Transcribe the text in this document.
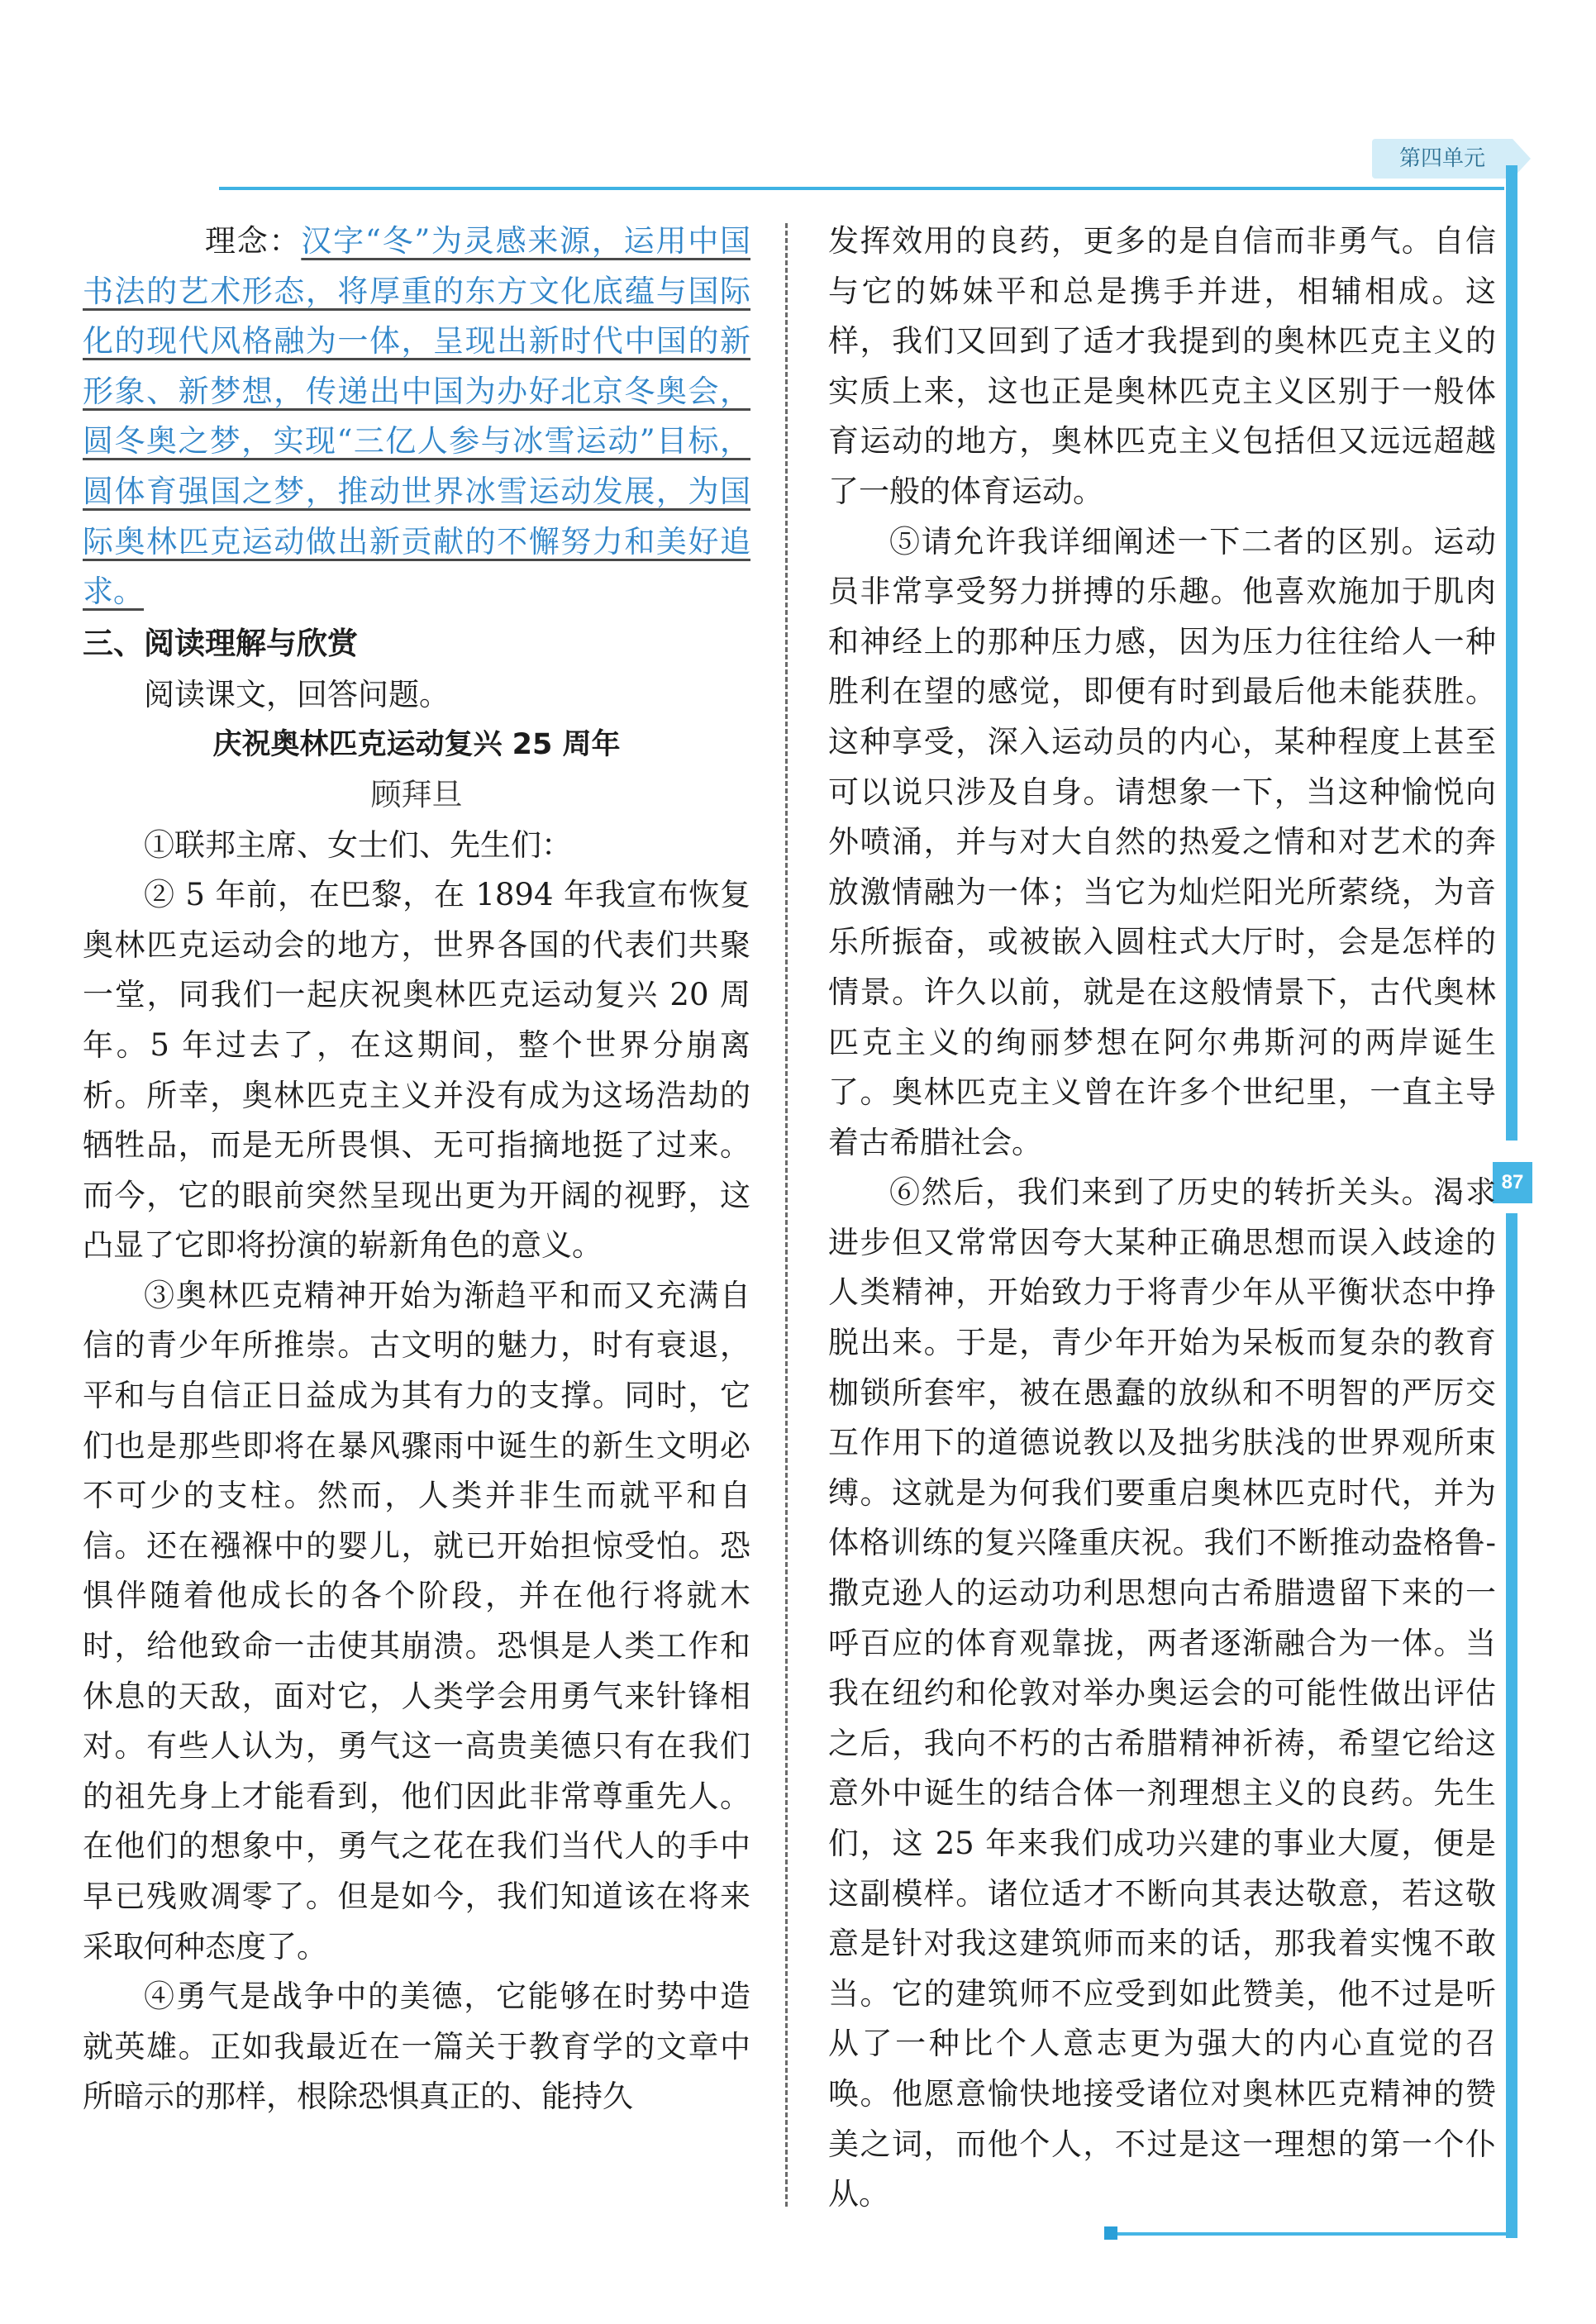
第四单元
87

理念：汉字“冬”为灵感来源，运用中国书法的艺术形态，将厚重的东方文化底蕴与国际化的现代风格融为一体，呈现出新时代中国的新形象、新梦想，传递出中国为办好北京冬奥会，圆冬奥之梦，实现“三亿人参与冰雪运动”目标，圆体育强国之梦，推动世界冰雪运动发展，为国际奥林匹克运动做出新贡献的不懈努力和美好追求。

三、阅读理解与欣赏

阅读课文，回答问题。

庆祝奥林匹克运动复兴 25 周年

顾拜旦

①联邦主席、女士们、先生们：

② 5 年前，在巴黎，在 1894 年我宣布恢复奥林匹克运动会的地方，世界各国的代表们共聚一堂，同我们一起庆祝奥林匹克运动复兴 20 周年。5 年过去了，在这期间，整个世界分崩离析。所幸，奥林匹克主义并没有成为这场浩劫的牺牲品，而是无所畏惧、无可指摘地挺了过来。而今，它的眼前突然呈现出更为开阔的视野，这凸显了它即将扮演的崭新角色的意义。

③奥林匹克精神开始为渐趋平和而又充满自信的青少年所推崇。古文明的魅力，时有衰退，平和与自信正日益成为其有力的支撑。同时，它们也是那些即将在暴风骤雨中诞生的新生文明必不可少的支柱。然而，人类并非生而就平和自信。还在襁褓中的婴儿，就已开始担惊受怕。恐惧伴随着他成长的各个阶段，并在他行将就木时，给他致命一击使其崩溃。恐惧是人类工作和休息的天敌，面对它，人类学会用勇气来针锋相对。有些人认为，勇气这一高贵美德只有在我们的祖先身上才能看到，他们因此非常尊重先人。在他们的想象中，勇气之花在我们当代人的手中早已残败凋零了。但是如今，我们知道该在将来采取何种态度了。

④勇气是战争中的美德，它能够在时势中造就英雄。正如我最近在一篇关于教育学的文章中所暗示的那样，根除恐惧真正的、能持久

发挥效用的良药，更多的是自信而非勇气。自信与它的姊妹平和总是携手并进，相辅相成。这样，我们又回到了适才我提到的奥林匹克主义的实质上来，这也正是奥林匹克主义区别于一般体育运动的地方，奥林匹克主义包括但又远远超越了一般的体育运动。

⑤请允许我详细阐述一下二者的区别。运动员非常享受努力拼搏的乐趣。他喜欢施加于肌肉和神经上的那种压力感，因为压力往往给人一种胜利在望的感觉，即便有时到最后他未能获胜。这种享受，深入运动员的内心，某种程度上甚至可以说只涉及自身。请想象一下，当这种愉悦向外喷涌，并与对大自然的热爱之情和对艺术的奔放激情融为一体；当它为灿烂阳光所萦绕，为音乐所振奋，或被嵌入圆柱式大厅时，会是怎样的情景。许久以前，就是在这般情景下，古代奥林匹克主义的绚丽梦想在阿尔弗斯河的两岸诞生了。奥林匹克主义曾在许多个世纪里，一直主导着古希腊社会。

⑥然后，我们来到了历史的转折关头。渴求进步但又常常因夸大某种正确思想而误入歧途的人类精神，开始致力于将青少年从平衡状态中挣脱出来。于是，青少年开始为呆板而复杂的教育枷锁所套牢，被在愚蠢的放纵和不明智的严厉交互作用下的道德说教以及拙劣肤浅的世界观所束缚。这就是为何我们要重启奥林匹克时代，并为体格训练的复兴隆重庆祝。我们不断推动盎格鲁-撒克逊人的运动功利思想向古希腊遗留下来的一呼百应的体育观靠拢，两者逐渐融合为一体。当我在纽约和伦敦对举办奥运会的可能性做出评估之后，我向不朽的古希腊精神祈祷，希望它给这意外中诞生的结合体一剂理想主义的良药。先生们，这 25 年来我们成功兴建的事业大厦，便是这副模样。诸位适才不断向其表达敬意，若这敬意是针对我这建筑师而来的话，那我着实愧不敢当。它的建筑师不应受到如此赞美，他不过是听从了一种比个人意志更为强大的内心直觉的召唤。他愿意愉快地接受诸位对奥林匹克精神的赞美之词，而他个人，不过是这一理想的第一个仆从。
